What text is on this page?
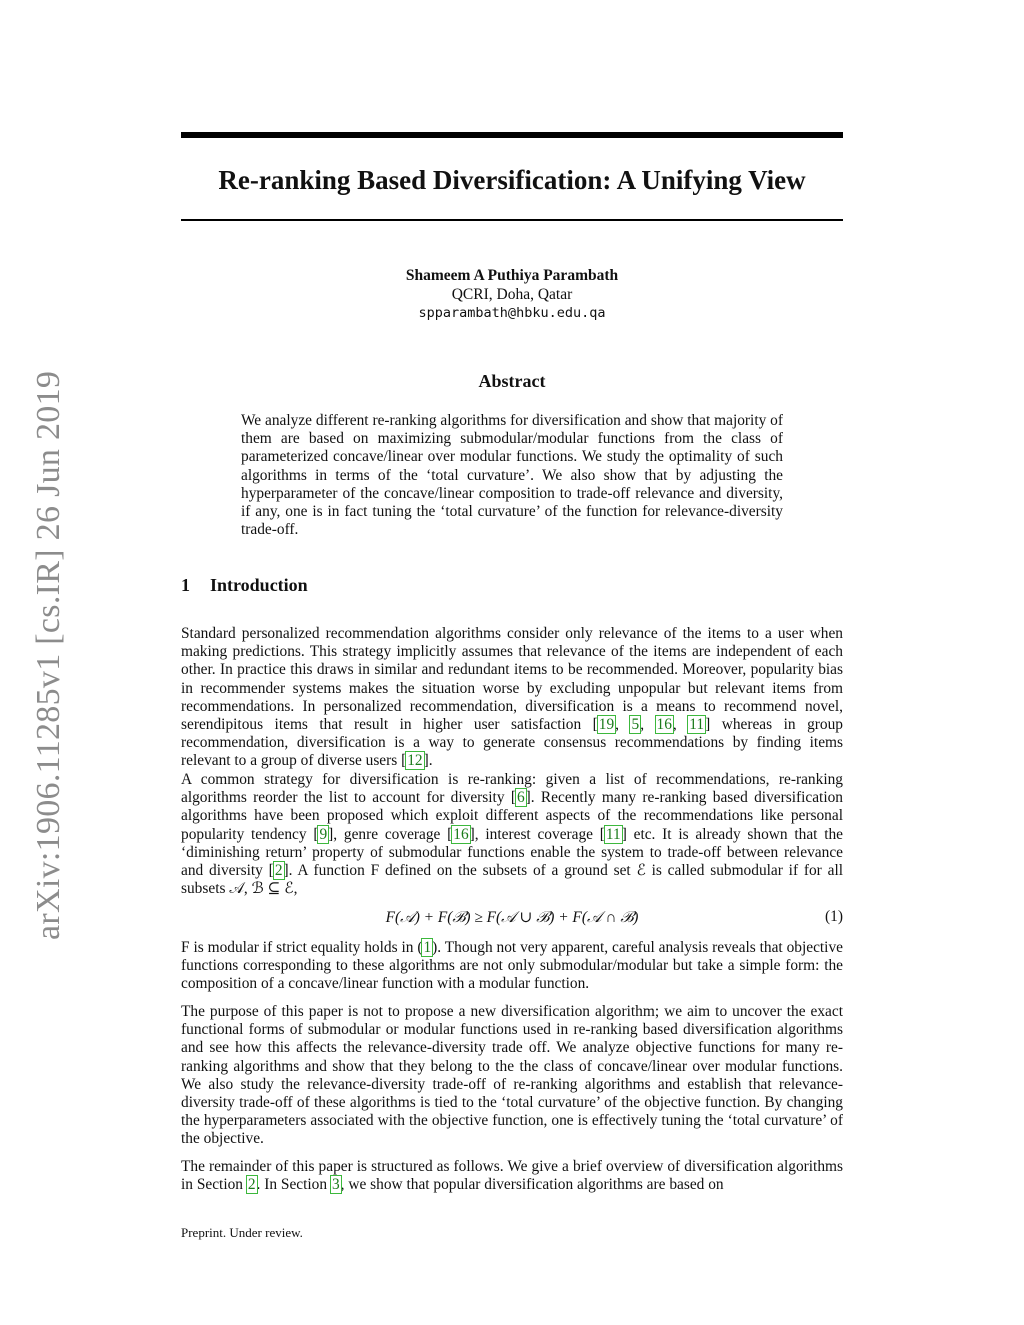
arXiv:1906.11285v1 [cs.IR] 26 Jun 2019
Re-ranking Based Diversification: A Unifying View
Shameem A Puthiya Parambath
QCRI, Doha, Qatar
spparambath@hbku.edu.qa
Abstract

We analyze different re-ranking algorithms for diversification and show that majority of them are based on maximizing submodular/modular functions from the class of parameterized concave/linear over modular functions. We study the optimality of such algorithms in terms of the ‘total curvature’. We also show that by adjusting the hyperparameter of the concave/linear composition to trade-off relevance and diversity, if any, one is in fact tuning the ‘total curvature’ of the function for relevance-diversity trade-off.

1 Introduction

Standard personalized recommendation algorithms consider only relevance of the items to a user when making predictions. This strategy implicitly assumes that relevance of the items are independent of each other. In practice this draws in similar and redundant items to be recommended. Moreover, popularity bias in recommender systems makes the situation worse by excluding unpopular but relevant items from recommendations. In personalized recommendation, diversification is a means to recommend novel, serendipitous items that result in higher user satisfaction [19, 5, 16, 11] whereas in group recommendation, diversification is a way to generate consensus recommendations by finding items relevant to a group of diverse users [12].

A common strategy for diversification is re-ranking: given a list of recommendations, re-ranking algorithms reorder the list to account for diversity [6]. Recently many re-ranking based diversification algorithms have been proposed which exploit different aspects of the recommendations like personal popularity tendency [9], genre coverage [16], interest coverage [11] etc. It is already shown that the ‘diminishing return’ property of submodular functions enable the system to trade-off between relevance and diversity [2]. A function F defined on the subsets of a ground set ℰ is called submodular if for all subsets 𝒜, ℬ ⊆ ℰ,

F(𝒜) + F(ℬ) ≥ F(𝒜 ∪ ℬ) + F(𝒜 ∩ ℬ)	(1)

F is modular if strict equality holds in (1). Though not very apparent, careful analysis reveals that objective functions corresponding to these algorithms are not only submodular/modular but take a simple form: the composition of a concave/linear function with a modular function.

The purpose of this paper is not to propose a new diversification algorithm; we aim to uncover the exact functional forms of submodular or modular functions used in re-ranking based diversification algorithms and see how this affects the relevance-diversity trade off. We analyze objective functions for many re-ranking algorithms and show that they belong to the the class of concave/linear over modular functions. We also study the relevance-diversity trade-off of re-ranking algorithms and establish that relevance-diversity trade-off of these algorithms is tied to the ‘total curvature’ of the objective function. By changing the hyperparameters associated with the objective function, one is effectively tuning the ‘total curvature’ of the objective.

The remainder of this paper is structured as follows. We give a brief overview of diversification algorithms in Section 2. In Section 3, we show that popular diversification algorithms are based on

Preprint. Under review.
